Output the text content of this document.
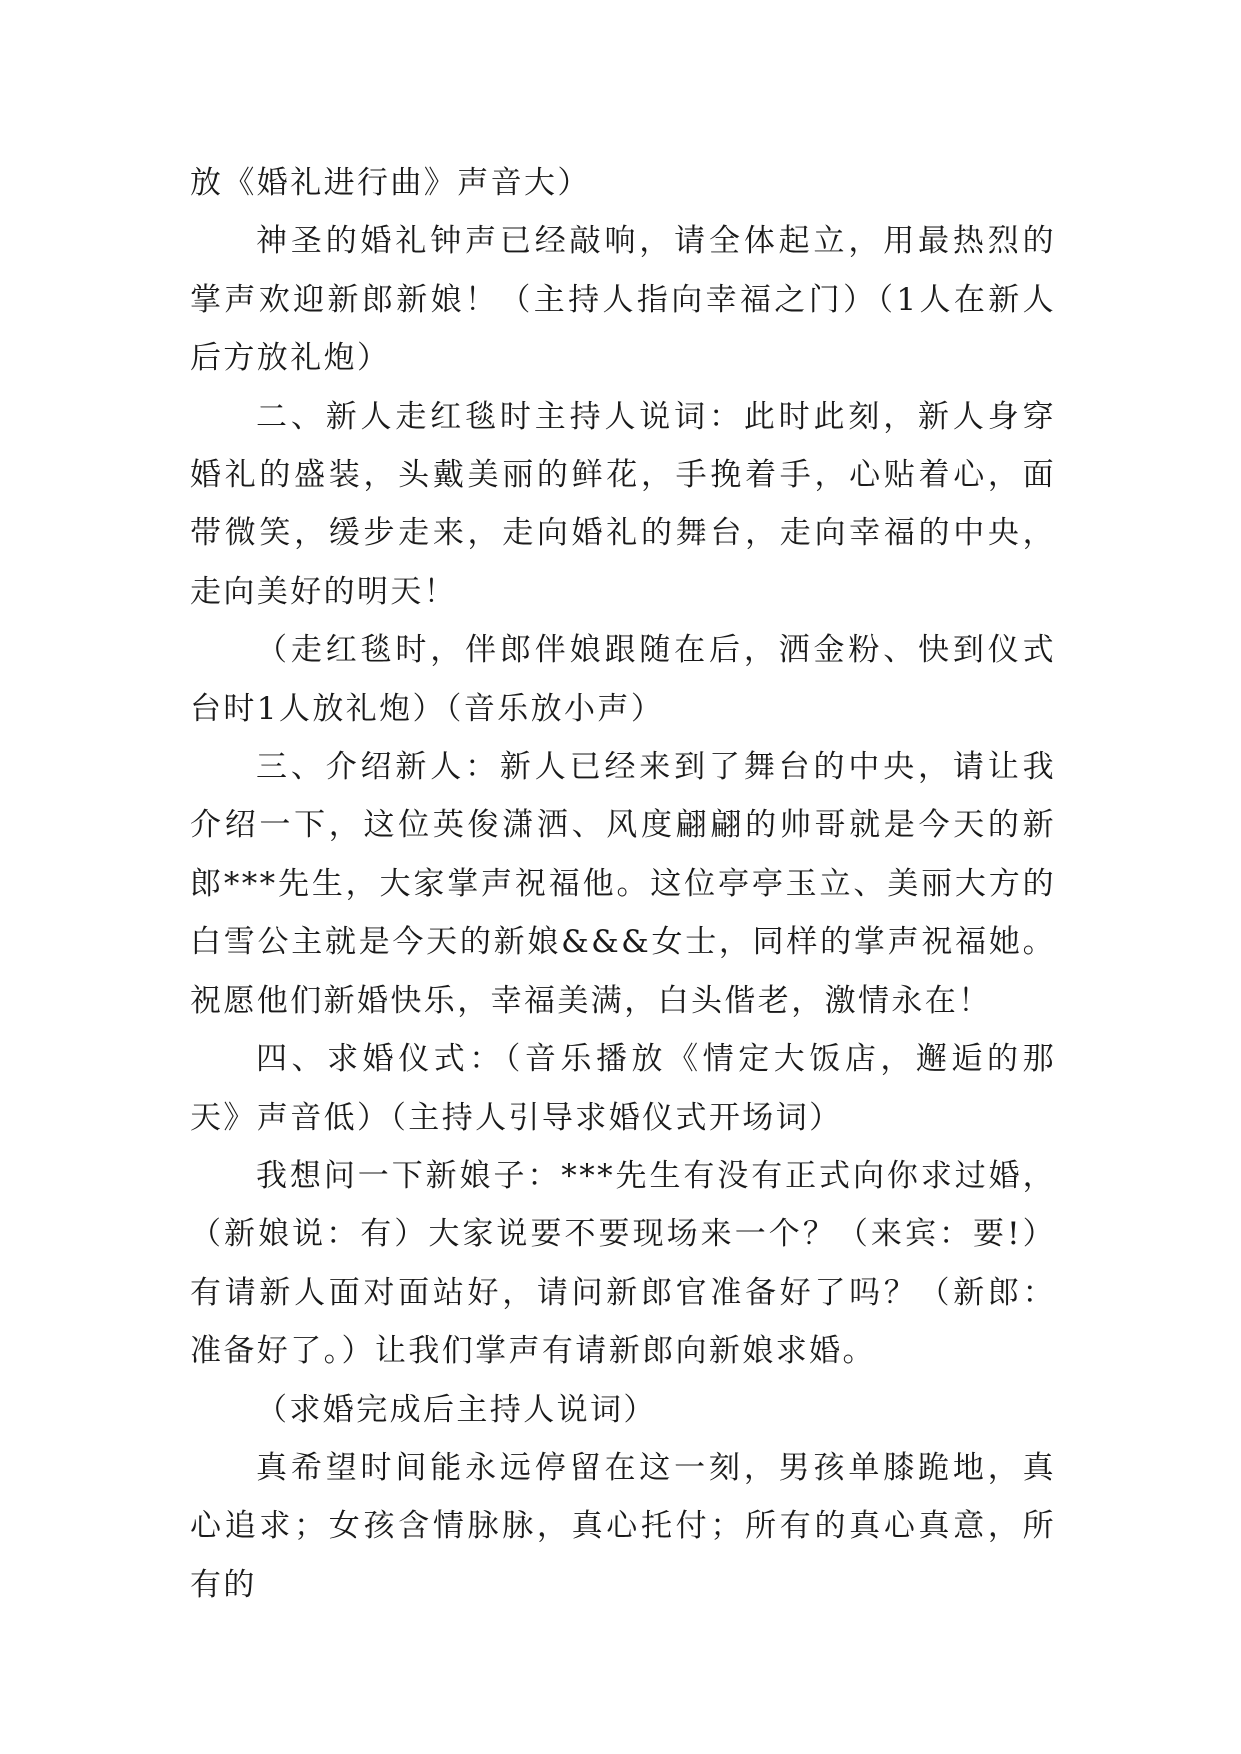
放《婚礼进行曲》声音大）

神圣的婚礼钟声已经敲响，请全体起立，用最热烈的掌声欢迎新郎新娘！（主持人指向幸福之门）（1人在新人后方放礼炮）

二、新人走红毯时主持人说词：此时此刻，新人身穿婚礼的盛装，头戴美丽的鲜花，手挽着手，心贴着心，面带微笑，缓步走来，走向婚礼的舞台，走向幸福的中央，走向美好的明天！

（走红毯时，伴郎伴娘跟随在后，洒金粉、快到仪式台时1人放礼炮）（音乐放小声）

三、介绍新人：新人已经来到了舞台的中央，请让我介绍一下，这位英俊潇洒、风度翩翩的帅哥就是今天的新郎***先生，大家掌声祝福他。这位亭亭玉立、美丽大方的白雪公主就是今天的新娘&&&女士，同样的掌声祝福她。祝愿他们新婚快乐，幸福美满，白头偕老，激情永在！

四、求婚仪式：（音乐播放《情定大饭店，邂逅的那天》声音低）（主持人引导求婚仪式开场词）

我想问一下新娘子：***先生有没有正式向你求过婚，（新娘说：有）大家说要不要现场来一个？（来宾：要!）有请新人面对面站好，请问新郎官准备好了吗？（新郎：准备好了。）让我们掌声有请新郎向新娘求婚。

（求婚完成后主持人说词）

真希望时间能永远停留在这一刻，男孩单膝跪地，真心追求；女孩含情脉脉，真心托付；所有的真心真意，所有的
